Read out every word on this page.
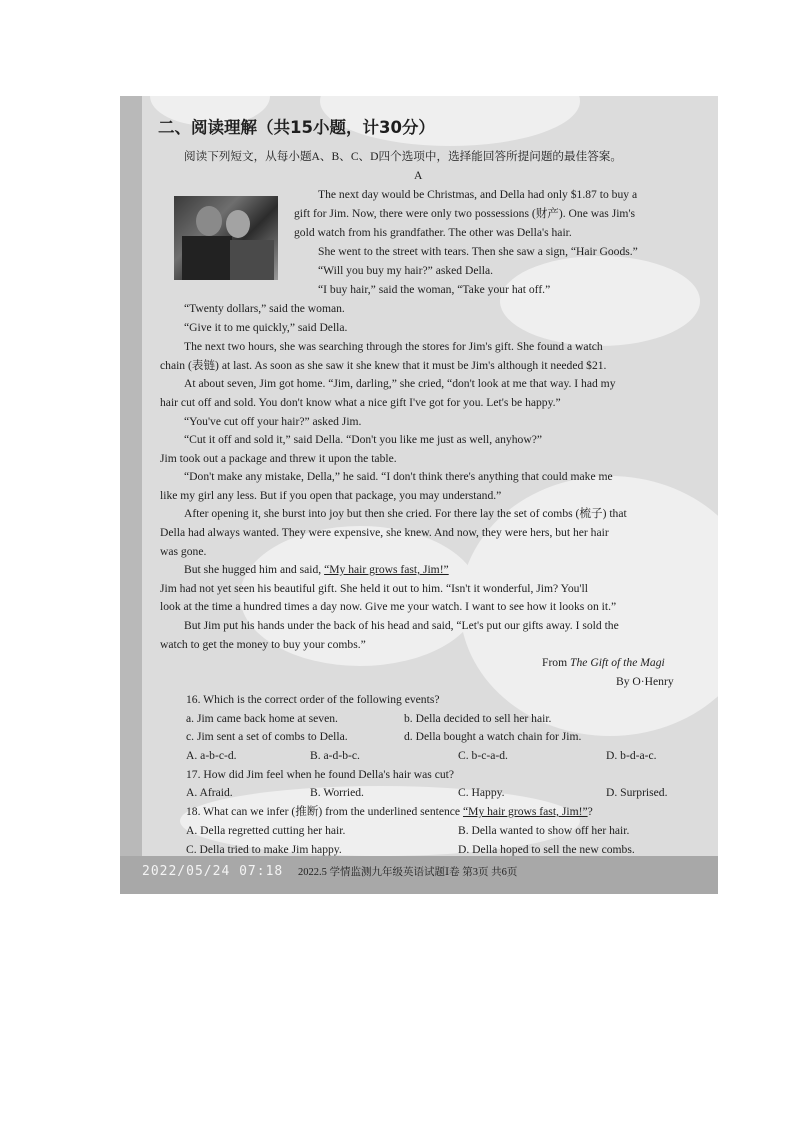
二、阅读理解（共15小题，计30分）
阅读下列短文，从每小题A、B、C、D四个选项中，选择能回答所提问题的最佳答案。
A
The next day would be Christmas, and Della had only $1.87 to buy a
gift for Jim. Now, there were only two possessions (财产). One was Jim's
gold watch from his grandfather. The other was Della's hair.
She went to the street with tears. Then she saw a sign, “Hair Goods.”
“Will you buy my hair?” asked Della.
“I buy hair,” said the woman, “Take your hat off.”
“Twenty dollars,” said the woman.
“Give it to me quickly,” said Della.
The next two hours, she was searching through the stores for Jim's gift. She found a watch
chain (表链) at last. As soon as she saw it she knew that it must be Jim's although it needed $21.
At about seven, Jim got home. “Jim, darling,” she cried, “don't look at me that way. I had my
hair cut off and sold. You don't know what a nice gift I've got for you. Let's be happy.”
“You've cut off your hair?” asked Jim.
“Cut it off and sold it,” said Della. “Don't you like me just as well, anyhow?”
Jim took out a package and threw it upon the table.
“Don't make any mistake, Della,” he said. “I don't think there's anything that could make me
like my girl any less. But if you open that package, you may understand.”
After opening it, she burst into joy but then she cried. For there lay the set of combs (梳子) that
Della had always wanted. They were expensive, she knew. And now, they were hers, but her hair
was gone.
But she hugged him and said, “My hair grows fast, Jim!”
Jim had not yet seen his beautiful gift. She held it out to him. “Isn't it wonderful, Jim? You'll
look at the time a hundred times a day now. Give me your watch. I want to see how it looks on it.”
But Jim put his hands under the back of his head and said, “Let's put our gifts away. I sold the
watch to get the money to buy your combs.”
From The Gift of the Magi
By O·Henry
16. Which is the correct order of the following events?
a. Jim came back home at seven.	b. Della decided to sell her hair.
c. Jim sent a set of combs to Della.	d. Della bought a watch chain for Jim.
A. a-b-c-d.	B. a-d-b-c.	C. b-c-a-d.	D. b-d-a-c.
17. How did Jim feel when he found Della's hair was cut?
A. Afraid.	B. Worried.	C. Happy.	D. Surprised.
18. What can we infer (推断) from the underlined sentence “My hair grows fast, Jim!”?
A. Della regretted cutting her hair.	B. Della wanted to show off her hair.
C. Della tried to make Jim happy.	D. Della hoped to sell the new combs.
2022/05/24 07:18 2022.5 学情监测九年级英语试题Ⅰ卷 第3页 共6页
